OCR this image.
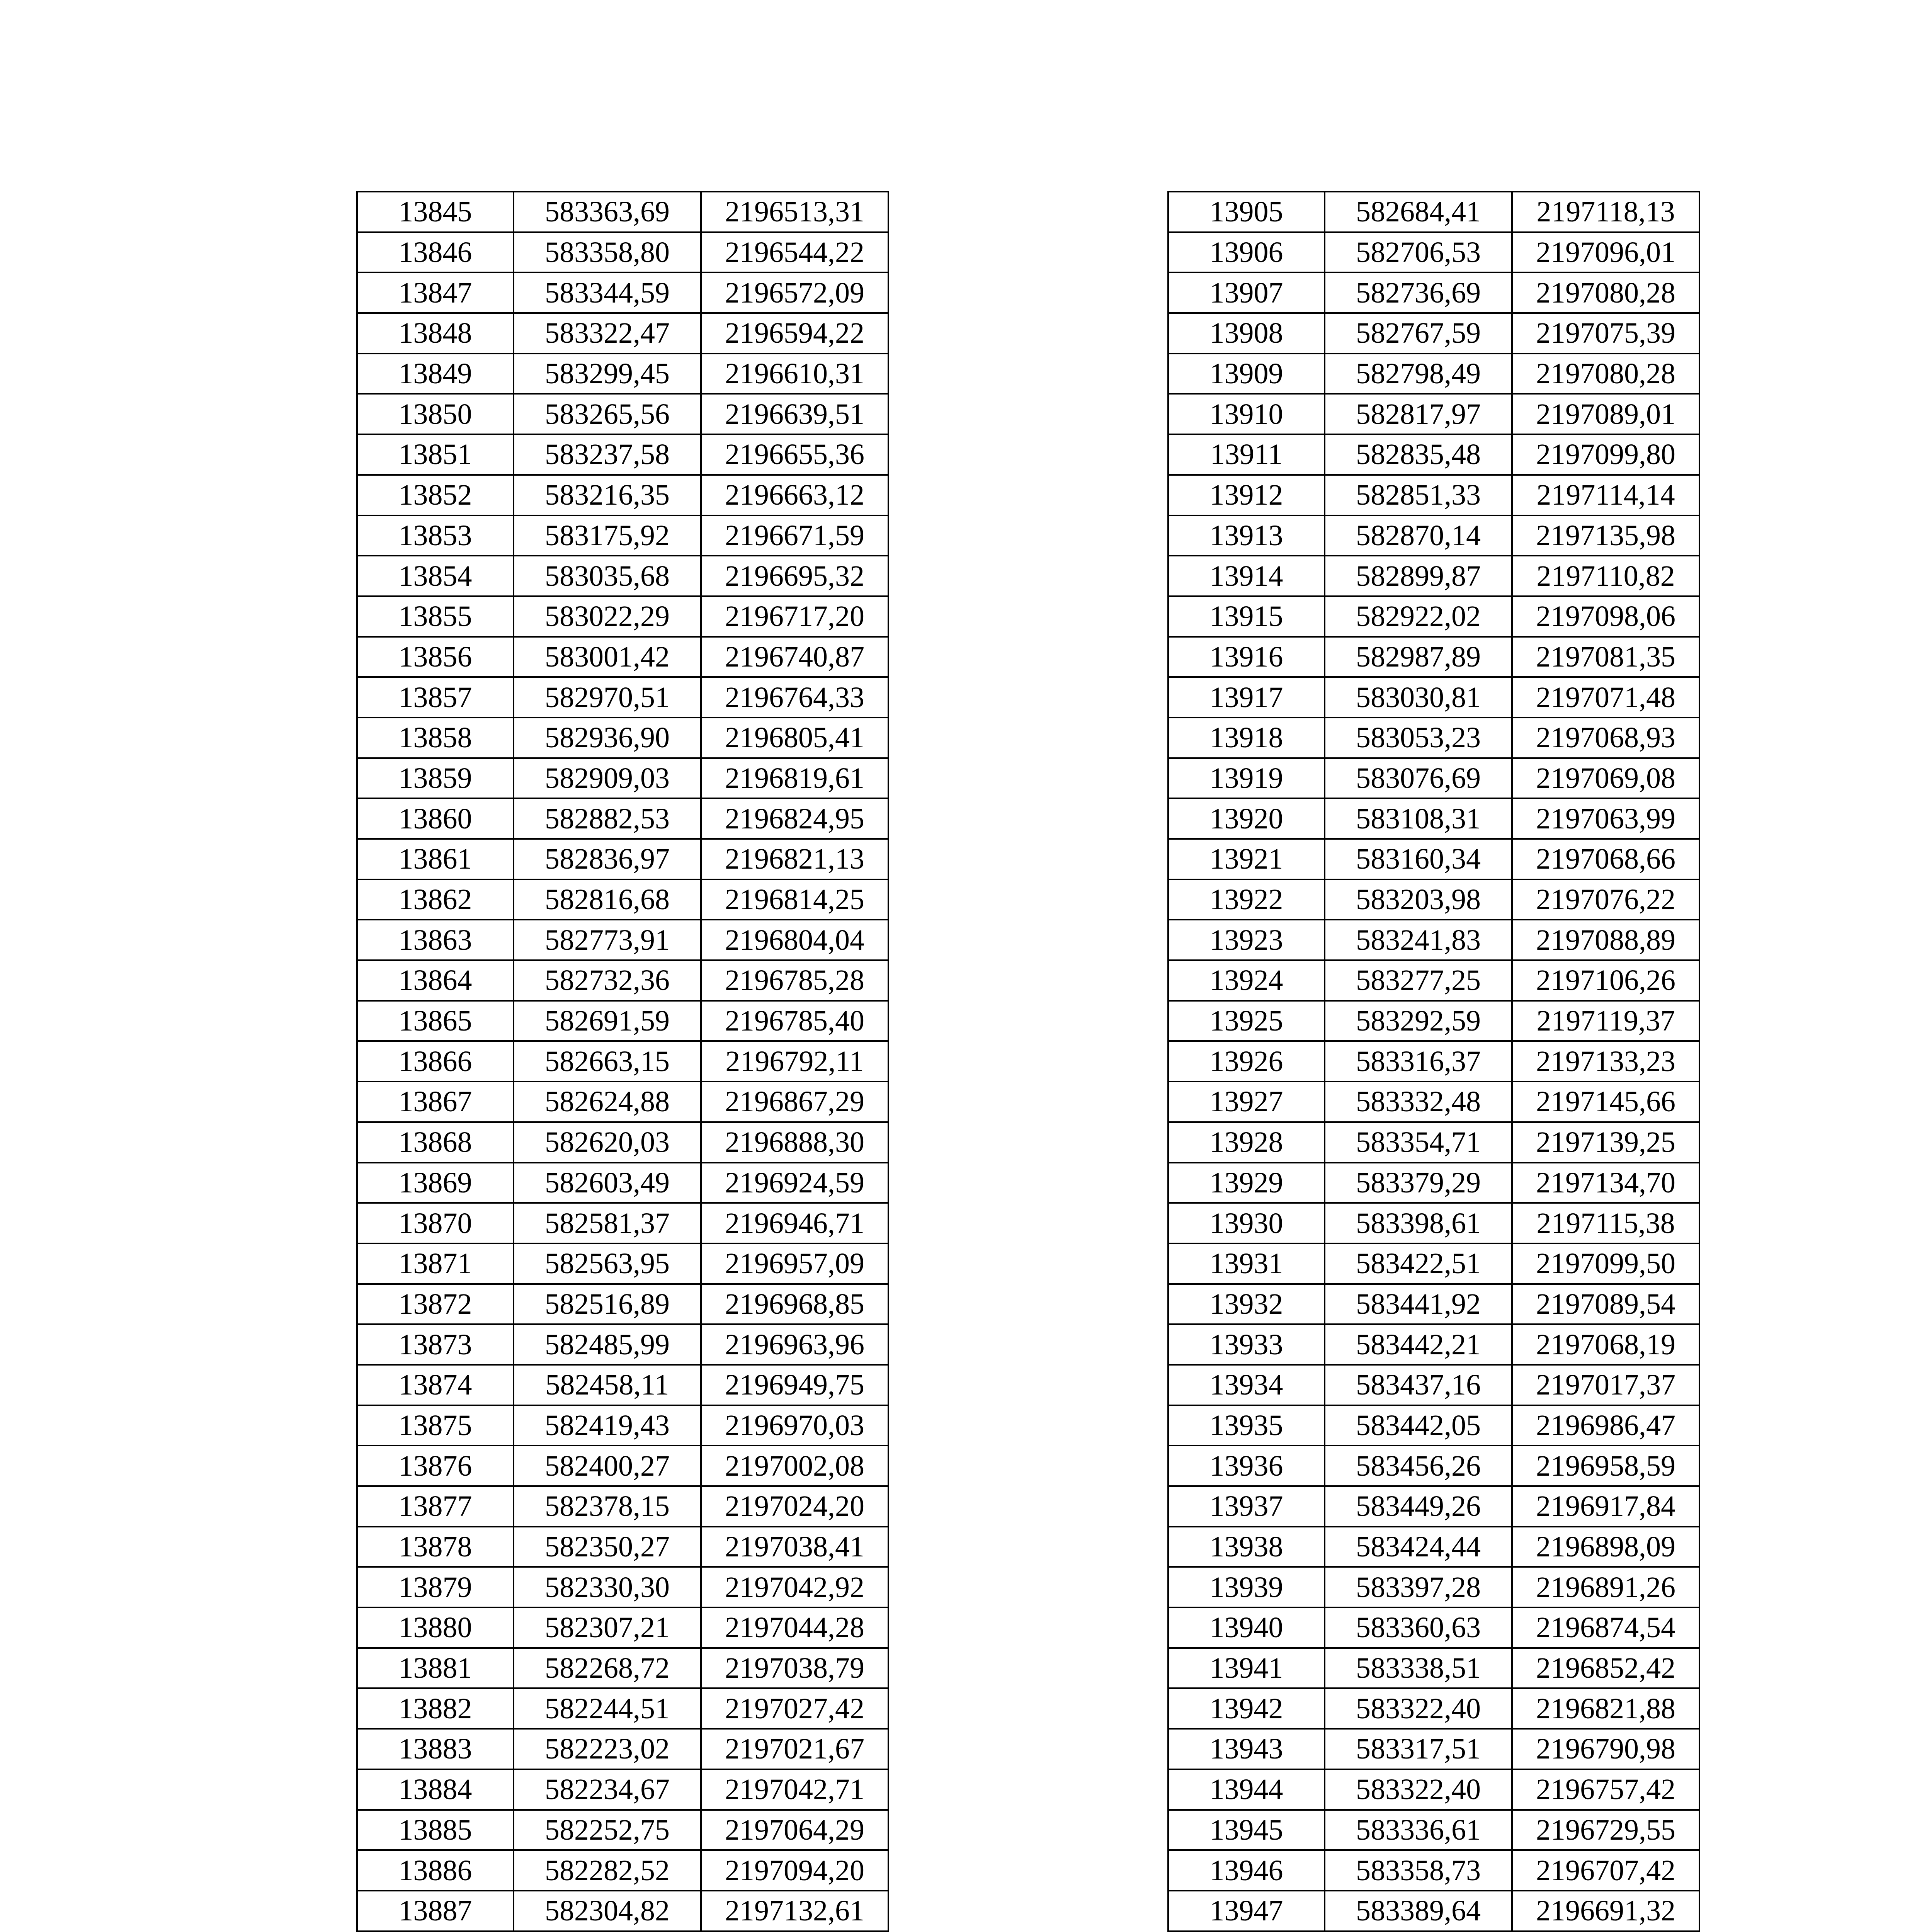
13845	583363,69	2196513,31
13846	583358,80	2196544,22
13847	583344,59	2196572,09
13848	583322,47	2196594,22
13849	583299,45	2196610,31
13850	583265,56	2196639,51
13851	583237,58	2196655,36
13852	583216,35	2196663,12
13853	583175,92	2196671,59
13854	583035,68	2196695,32
13855	583022,29	2196717,20
13856	583001,42	2196740,87
13857	582970,51	2196764,33
13858	582936,90	2196805,41
13859	582909,03	2196819,61
13860	582882,53	2196824,95
13861	582836,97	2196821,13
13862	582816,68	2196814,25
13863	582773,91	2196804,04
13864	582732,36	2196785,28
13865	582691,59	2196785,40
13866	582663,15	2196792,11
13867	582624,88	2196867,29
13868	582620,03	2196888,30
13869	582603,49	2196924,59
13870	582581,37	2196946,71
13871	582563,95	2196957,09
13872	582516,89	2196968,85
13873	582485,99	2196963,96
13874	582458,11	2196949,75
13875	582419,43	2196970,03
13876	582400,27	2197002,08
13877	582378,15	2197024,20
13878	582350,27	2197038,41
13879	582330,30	2197042,92
13880	582307,21	2197044,28
13881	582268,72	2197038,79
13882	582244,51	2197027,42
13883	582223,02	2197021,67
13884	582234,67	2197042,71
13885	582252,75	2197064,29
13886	582282,52	2197094,20
13887	582304,82	2197132,61

13905	582684,41	2197118,13
13906	582706,53	2197096,01
13907	582736,69	2197080,28
13908	582767,59	2197075,39
13909	582798,49	2197080,28
13910	582817,97	2197089,01
13911	582835,48	2197099,80
13912	582851,33	2197114,14
13913	582870,14	2197135,98
13914	582899,87	2197110,82
13915	582922,02	2197098,06
13916	582987,89	2197081,35
13917	583030,81	2197071,48
13918	583053,23	2197068,93
13919	583076,69	2197069,08
13920	583108,31	2197063,99
13921	583160,34	2197068,66
13922	583203,98	2197076,22
13923	583241,83	2197088,89
13924	583277,25	2197106,26
13925	583292,59	2197119,37
13926	583316,37	2197133,23
13927	583332,48	2197145,66
13928	583354,71	2197139,25
13929	583379,29	2197134,70
13930	583398,61	2197115,38
13931	583422,51	2197099,50
13932	583441,92	2197089,54
13933	583442,21	2197068,19
13934	583437,16	2197017,37
13935	583442,05	2196986,47
13936	583456,26	2196958,59
13937	583449,26	2196917,84
13938	583424,44	2196898,09
13939	583397,28	2196891,26
13940	583360,63	2196874,54
13941	583338,51	2196852,42
13942	583322,40	2196821,88
13943	583317,51	2196790,98
13944	583322,40	2196757,42
13945	583336,61	2196729,55
13946	583358,73	2196707,42
13947	583389,64	2196691,32
